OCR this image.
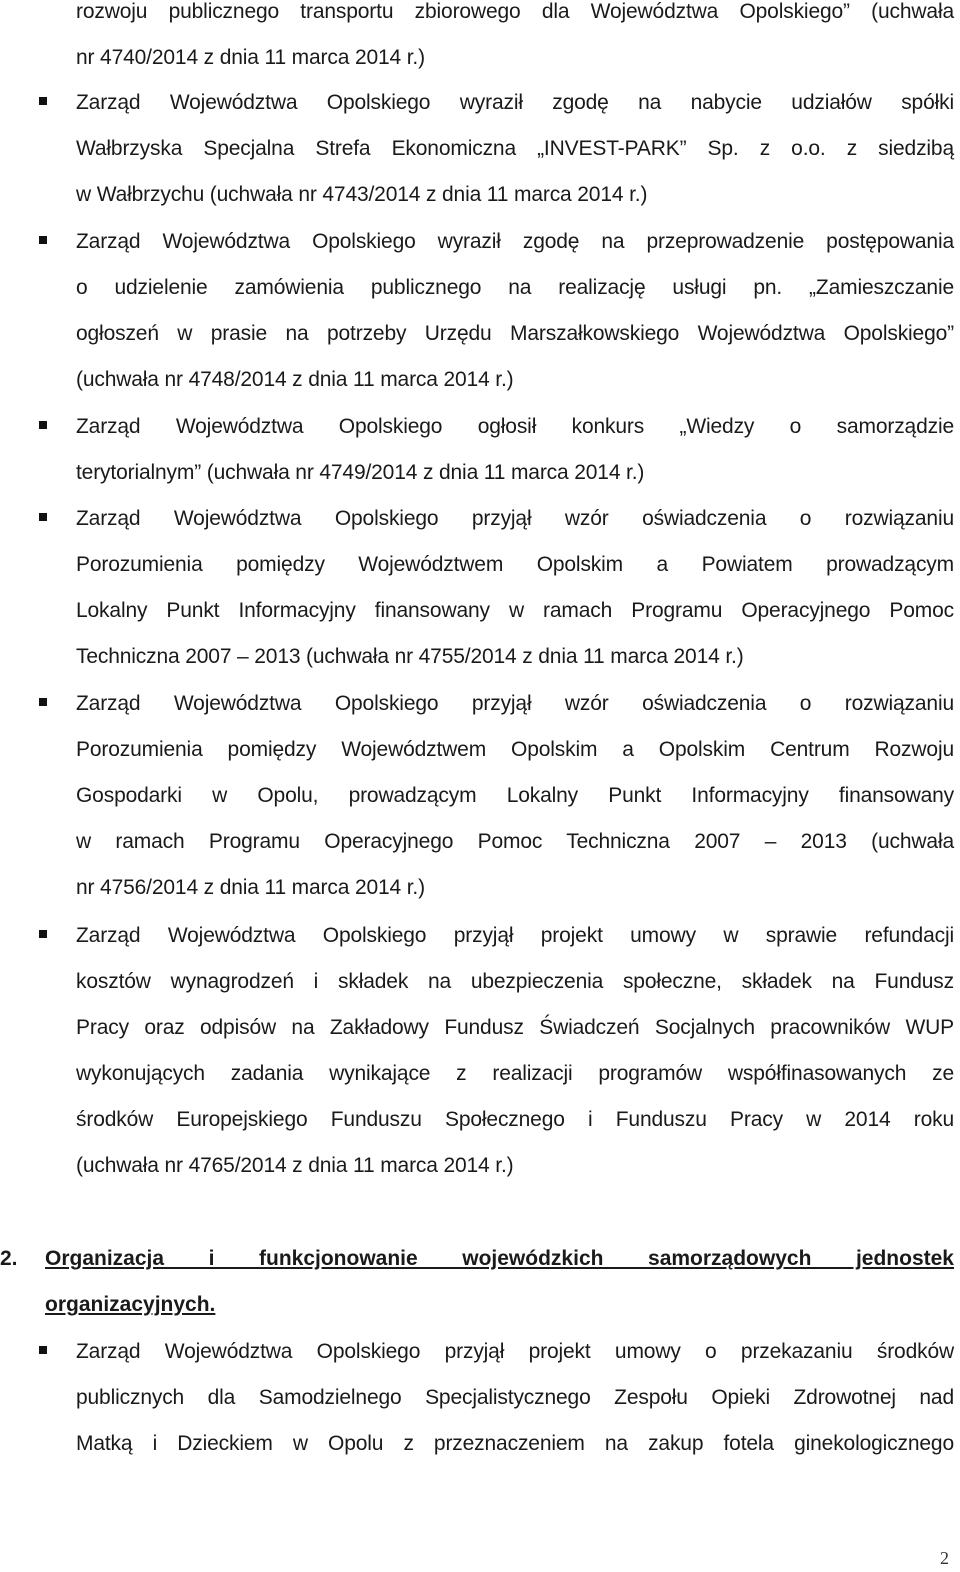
rozwoju publicznego transportu zbiorowego dla Województwa Opolskiego” (uchwała
nr 4740/2014 z dnia 11 marca 2014 r.)
Zarząd Województwa Opolskiego wyraził zgodę na nabycie udziałów spółki
Wałbrzyska Specjalna Strefa Ekonomiczna „INVEST-PARK” Sp. z o.o. z siedzibą
w Wałbrzychu (uchwała nr 4743/2014 z dnia 11 marca 2014 r.)
Zarząd Województwa Opolskiego wyraził zgodę na przeprowadzenie postępowania
o udzielenie zamówienia publicznego na realizację usługi pn. „Zamieszczanie
ogłoszeń w prasie na potrzeby Urzędu Marszałkowskiego Województwa Opolskiego”
(uchwała nr 4748/2014 z dnia 11 marca 2014 r.)
Zarząd Województwa Opolskiego ogłosił konkurs „Wiedzy o samorządzie
terytorialnym” (uchwała nr 4749/2014 z dnia 11 marca 2014 r.)
Zarząd Województwa Opolskiego przyjął wzór oświadczenia o rozwiązaniu
Porozumienia pomiędzy Województwem Opolskim a Powiatem prowadzącym
Lokalny Punkt Informacyjny finansowany w ramach Programu Operacyjnego Pomoc
Techniczna 2007 – 2013 (uchwała nr 4755/2014 z dnia 11 marca 2014 r.)
Zarząd Województwa Opolskiego przyjął wzór oświadczenia o rozwiązaniu
Porozumienia pomiędzy Województwem Opolskim a Opolskim Centrum Rozwoju
Gospodarki w Opolu, prowadzącym Lokalny Punkt Informacyjny finansowany
w ramach Programu Operacyjnego Pomoc Techniczna 2007 – 2013 (uchwała
nr 4756/2014 z dnia 11 marca 2014 r.)
Zarząd Województwa Opolskiego przyjął projekt umowy w sprawie refundacji
kosztów wynagrodzeń i składek na ubezpieczenia społeczne, składek na Fundusz
Pracy oraz odpisów na Zakładowy Fundusz Świadczeń Socjalnych pracowników WUP
wykonujących zadania wynikające z realizacji programów współfinasowanych ze
środków Europejskiego Funduszu Społecznego i Funduszu Pracy w 2014 roku
(uchwała nr 4765/2014 z dnia 11 marca 2014 r.)
2. Organizacja i funkcjonowanie wojewódzkich samorządowych jednostek
organizacyjnych.
Zarząd Województwa Opolskiego przyjął projekt umowy o przekazaniu środków
publicznych dla Samodzielnego Specjalistycznego Zespołu Opieki Zdrowotnej nad
Matką i Dzieckiem w Opolu z przeznaczeniem na zakup fotela ginekologicznego
2
